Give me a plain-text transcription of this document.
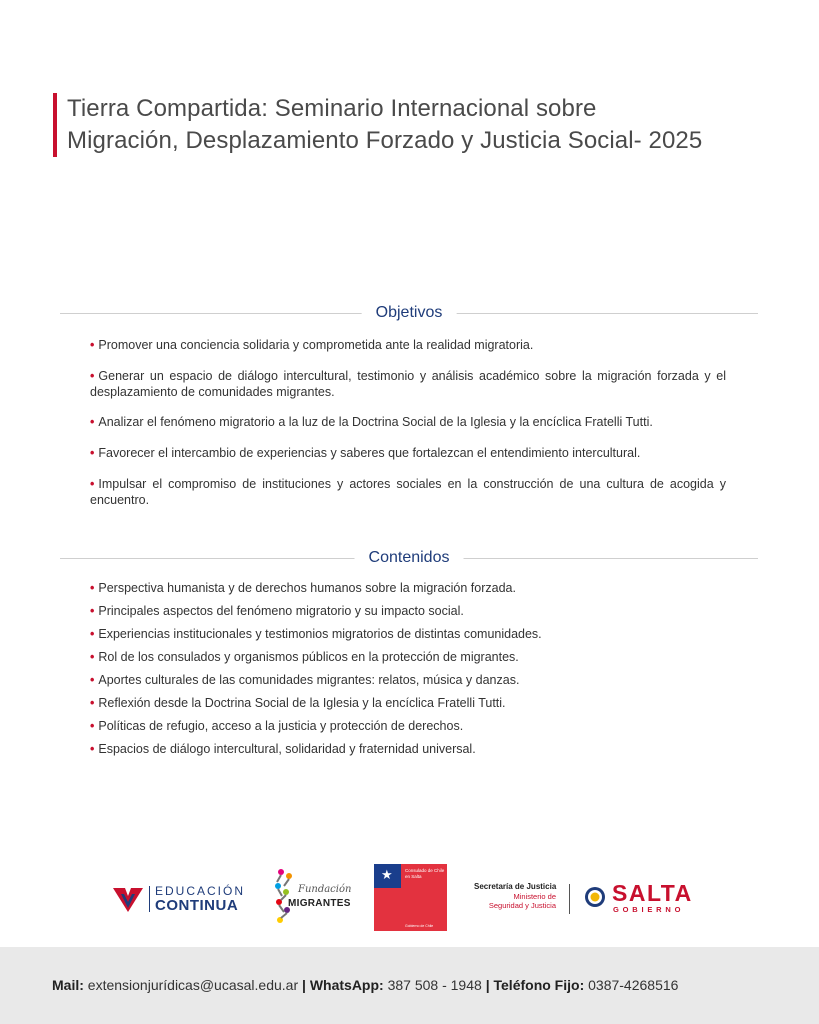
Tierra Compartida: Seminario Internacional sobre
Migración, Desplazamiento Forzado y Justicia Social- 2025
Objetivos
• Promover una conciencia solidaria y comprometida ante la realidad migratoria.
• Generar un espacio de diálogo intercultural, testimonio y análisis académico sobre la migración forzada y el desplazamiento de comunidades migrantes.
• Analizar el fenómeno migratorio a la luz de la Doctrina Social de la Iglesia y la encíclica Fratelli Tutti.
• Favorecer el intercambio de experiencias y saberes que fortalezcan el entendimiento intercultural.
• Impulsar el compromiso de instituciones y actores sociales en la construcción de una cultura de acogida y encuentro.
Contenidos
• Perspectiva humanista y de derechos humanos sobre la migración forzada.
• Principales aspectos del fenómeno migratorio y su impacto social.
• Experiencias institucionales y testimonios migratorios de distintas comunidades.
• Rol de los consulados y organismos públicos en la protección de migrantes.
• Aportes culturales de las comunidades migrantes: relatos, música y danzas.
• Reflexión desde la Doctrina Social de la Iglesia y la encíclica Fratelli Tutti.
• Políticas de refugio, acceso a la justicia y protección de derechos.
• Espacios de diálogo intercultural, solidaridad y fraternidad universal.
EDUCACIÓN
CONTINUA
Fundación
MIGRANTES
★	Consulado de Chile en Salta
Gobierno de Chile
Secretaría de Justicia
Ministerio de
Seguridad y Justicia SALTA
GOBIERNO
Mail: extensionjurídicas@ucasal.edu.ar | WhatsApp: 387 508 - 1948 | Teléfono Fijo: 0387-4268516
